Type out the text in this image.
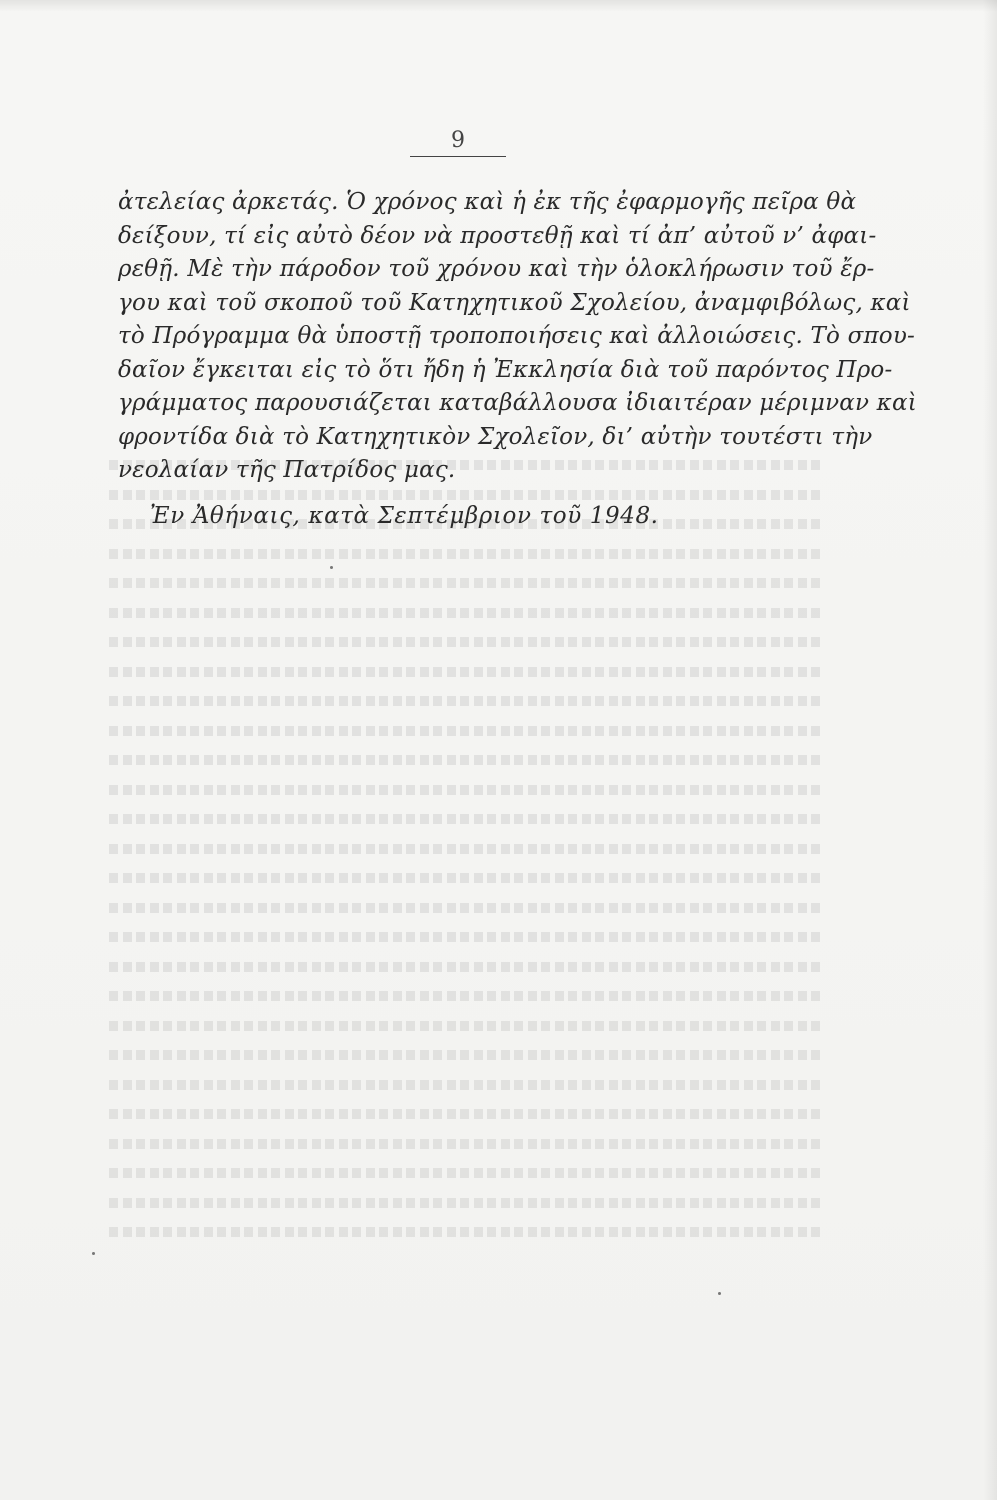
9
ἀτελείας ἀρκετάς. Ὁ χρόνος καὶ ἡ ἐκ τῆς ἐφαρμογῆς πεῖρα θὰ
δείξουν, τί εἰς αὐτὸ δέον νὰ προστεθῇ καὶ τί ἀπ’ αὐτοῦ ν’ ἀφαι-
ρεθῇ. Μὲ τὴν πάροδον τοῦ χρόνου καὶ τὴν ὁλοκλήρωσιν τοῦ ἔρ-
γου καὶ τοῦ σκοποῦ τοῦ Κατηχητικοῦ Σχολείου, ἀναμφιβόλως, καὶ
τὸ Πρόγραμμα θὰ ὑποστῇ τροποποιήσεις καὶ ἀλλοιώσεις. Τὸ σπου-
δαῖον ἔγκειται εἰς τὸ ὅτι ἤδη ἡ Ἐκκλησία διὰ τοῦ παρόντος Προ-
γράμματος παρουσιάζεται καταβάλλουσα ἰδιαιτέραν μέριμναν καὶ
φροντίδα διὰ τὸ Κατηχητικὸν Σχολεῖον, δι’ αὐτὴν τουτέστι τὴν
νεολαίαν τῆς Πατρίδος μας.
Ἐν Ἀθήναις, κατὰ Σεπτέμβριον τοῦ 1948.
